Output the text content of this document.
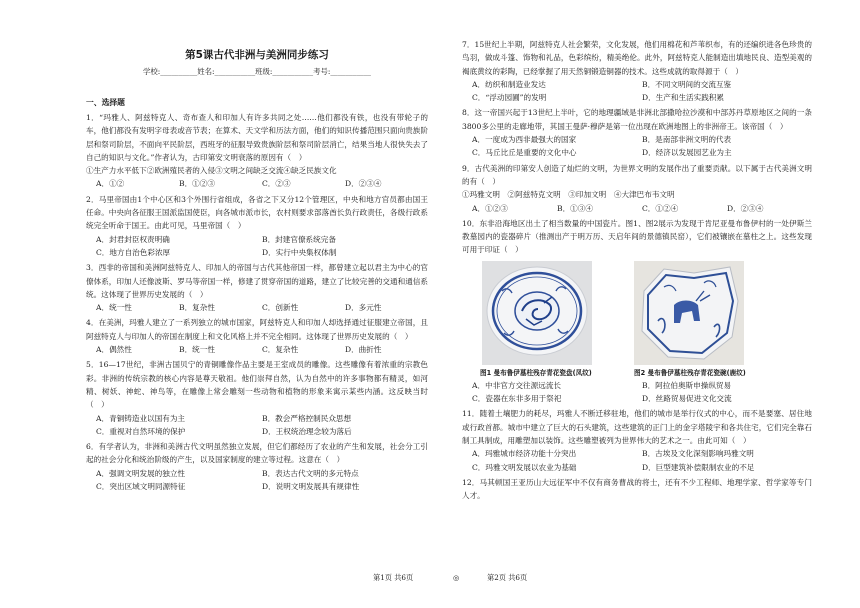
第5课古代非洲与美洲同步练习
学校:__________姓名:___________班级:___________考号:___________
一、选择题

1．“玛雅人、阿兹特克人、奇布查人和印加人有许多共同之处……他们都没有铁，也没有带轮子的车，他们都没有发明字母表或音节表；在算术、天文学和历法方面，他们的知识传播范围只面向贵族阶层和祭司阶层，不面向平民阶层，西班牙的征服导致贵族阶层和祭司阶层消亡，结果当地人很快失去了自己的知识与文化。”作者认为，古印第安文明衰落的原因有（　）

①生产力水平低下②欧洲殖民者的入侵③文明之间缺乏交流④缺乏民族文化

A．①②	B．①②③	C．②③	D．②③④

2．马里帝国由1个中心区和3个外围行省组成，各省之下又分12个管理区，中央和地方官员都由国王任命。中央向各征服王国派监国使臣，向各城市派市长，农村则要求部落酋长负行政责任，各级行政系统完全听命于国王。由此可见，马里帝国（　）

A．封君封臣权责明确	B．封建官僚系统完备
C．地方自治色彩浓厚	D．实行中央集权体制

3．西非的帝国和美洲阿兹特克人、印加人的帝国与古代其他帝国一样，都曾建立起以君主为中心的官僚体系，印加人还像波斯、罗马等帝国一样，修建了贯穿帝国的道路，建立了比较完善的交通和通信系统。这体现了世界历史发展的（　）

A．统一性	B．复杂性	C．创新性	D．多元性

4．在美洲，玛雅人建立了一系列独立的城市国家，阿兹特克人和印加人却选择通过征服建立帝国，且阿兹特克人与印加人的帝国在制度上和文化风格上并不完全相同。这体现了世界历史发展的（　）

A．偶然性	B．统一性	C．复杂性	D．曲折性

5．16—17世纪，非洲古国贝宁的青铜雕像作品主要是王室成员的雕像。这些雕像有着浓重的宗教色彩。非洲的传统宗教的核心内容是尊天敬祖。他们崇拜自然，认为自然中的许多事物都有精灵，如河精、树妖、神蛇、神鸟等，在雕像上常会雕刻一些动物和植物的形象来寓示某些内涵。这反映当时（　）

A．青铜铸造业以国有为主	B．教会严格控制民众思想
C．重视对自然环境的保护	D．王权统治理念较为落后

6．有学者认为，非洲和美洲古代文明虽然独立发展，但它们都经历了农业的产生和发展，社会分工引起的社会分化和统治阶级的产生，以及国家制度的建立等过程。这意在（　）

A．强调文明发展的独立性	B．表达古代文明的多元特点
C．突出区域文明同源特征	D．说明文明发展具有规律性

7．15世纪上半期，阿兹特克人社会繁荣，文化发展，他们用棉花和芦苇织布，有的还编织进各色珍贵的鸟羽，做成斗篷、饰物和礼品，色彩缤纷，精美绝伦。此外，阿兹特克人能制造出填地民良、造型美观的褐底黄纹的彩陶，已经掌握了用天然铜锻造铜器的技术。这些成就的取得源于（　）

A．纺织和制造业发达	B．不同文明间的交流互鉴
C．“浮动园圃”的发明	D．生产和生活实践积累

8．这一帝国兴起于13世纪上半叶，它的地理疆域是非洲北部撒哈拉沙漠和中部苏丹草原地区之间的一条3800多公里的走廊地带，其国王曼萨·穆萨是第一位出现在欧洲地图上的非洲帝王。该帝国（　）

A．一度成为西非最强大的国家	B．是南部非洲文明的代表
C．马丘比丘是重要的文化中心	D．经济以发展园艺业为主

9．古代美洲的印第安人创造了灿烂的文明，为世界文明的发展作出了重要贡献。以下属于古代美洲文明的有（　）

①玛雅文明　②阿兹特克文明　③印加文明　④大津巴布韦文明

A．①②③	B．①③④	C．①②④	D．②③④

10．东非沿海地区出土了相当数量的中国瓷片。图1、图2展示为发现于肯尼亚曼布鲁伊村的一处伊斯兰教墓园内的瓷器碎片（推测出产于明万历、天启年间的景德镇民窑），它们被镶嵌在墓柱之上。这些发现可用于印证（　）

图1 曼布鲁伊墓柱残存青花瓷盘(凤纹)	图2 曼布鲁伊墓柱残存青花瓷碗(鹿纹)
A．中非官方交往源远流长	B．阿拉伯奥斯申操纵贸易
C．瓷器在东非多用于祭祀	D．丝路贸易促进文化交流

11．随着土壤肥力的耗尽，玛雅人不断迁移驻地，他们的城市是举行仪式的中心，而不是要塞、居住地或行政首都。城市中建立了巨大的石头建筑，这些建筑的正门上的金字塔陵宇和各共住宅，它们完全靠石制工具制成，用雕塑加以装饰。这些雕塑被列为世界伟大的艺术之一。由此可知（　）

A．玛雅城市经济功能十分突出	B．古埃及文化深刻影响玛雅文明
C．玛雅文明发展以农业为基础	D．巨型建筑补偿限制农业的不足

12．马其顿国王亚历山大远征军中不仅有商务曹战的将士，还有不少工程师、地理学家、哲学家等专门人才。

第1页 共6页	◎	第2页 共6页
